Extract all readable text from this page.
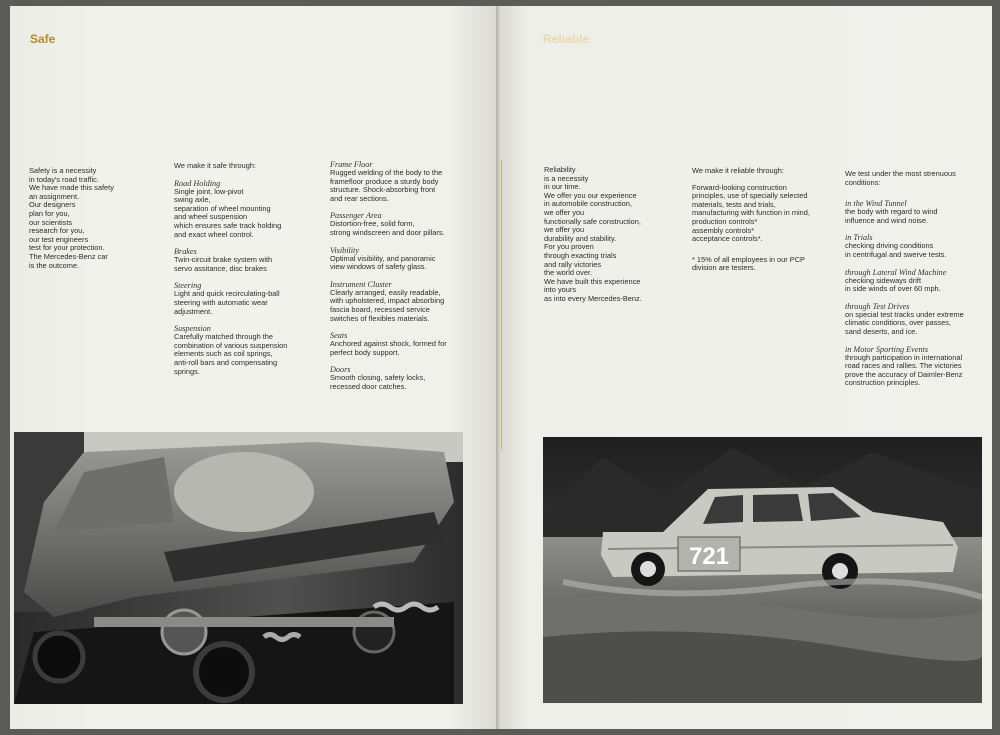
Safe	Reliable
Safety is a necessity
in today's road traffic.
We have made this safety
an assignment.
Our designers
plan for you,
our scientists
research for you,
our test engineers
test for your protection.
The Mercedes-Benz car
is the outcome.
We make it safe through:
Road Holding
Single joint, low-pivot
swing axle,
separation of wheel mounting
and wheel suspension
which ensures safe track holding
and exact wheel control.
Brakes
Twin-circuit brake system with
servo assitance, disc brakes
Steering
Light and quick recirculating-ball
steering with automatic wear
adjustment.
Suspension
Carefully matched through the
combination of various suspension
elements such as coil springs,
anti-roll bars and compensating
springs.
Frame Floor
Rugged welding of the body to the
framefloor produce a sturdy body
structure. Shock-absorbing front
and rear sections.
Passenger Area
Distortion-free, solid form,
strong windscreen and door pillars.
Visibility
Optimal visibility, and panoramic
view windows of safety glass.
Instrument Cluster
Clearly arranged, easily readable,
with upholstered, impact absorbing
fascia board, recessed service
switches of flexibles materials.
Seats
Anchored against shock, formed for
perfect body support.
Doors
Smooth closing, safety locks,
recessed door catches.
Reliability
is a necessity
in our time.
We offer you our experience
in automobile construction,
we offer you
functionally safe construction,
we offer you
durability and stability.
For you proven
through exacting trials
and rally victories
the world over.
We have built this experience
into yours
as into every Mercedes-Benz.
We make it reliable through:
Forward-looking construction
principles, use of specially selected
materials, tests and trials,
manufacturing with function in mind,
production controls*
assembly controls*
acceptance controls*.
* 15% of all employees in our PCP
division are testers.
We test under the most strenuous
conditions:
in the Wind Tunnel
the body with regard to wind
influence and wind noise.
in Trials
checking driving conditions
in centrifugal and swerve tests.
through Lateral Wind Machine
checking sideways drift
in side winds of over 60 mph.
through Test Drives
on special test tracks under extreme
climatic conditions, over passes,
sand deserts, and ice.
in Motor Sporting Events
through participation in international
road races and rallies. The victories
prove the accuracy of Daimler-Benz
construction principles.
721
